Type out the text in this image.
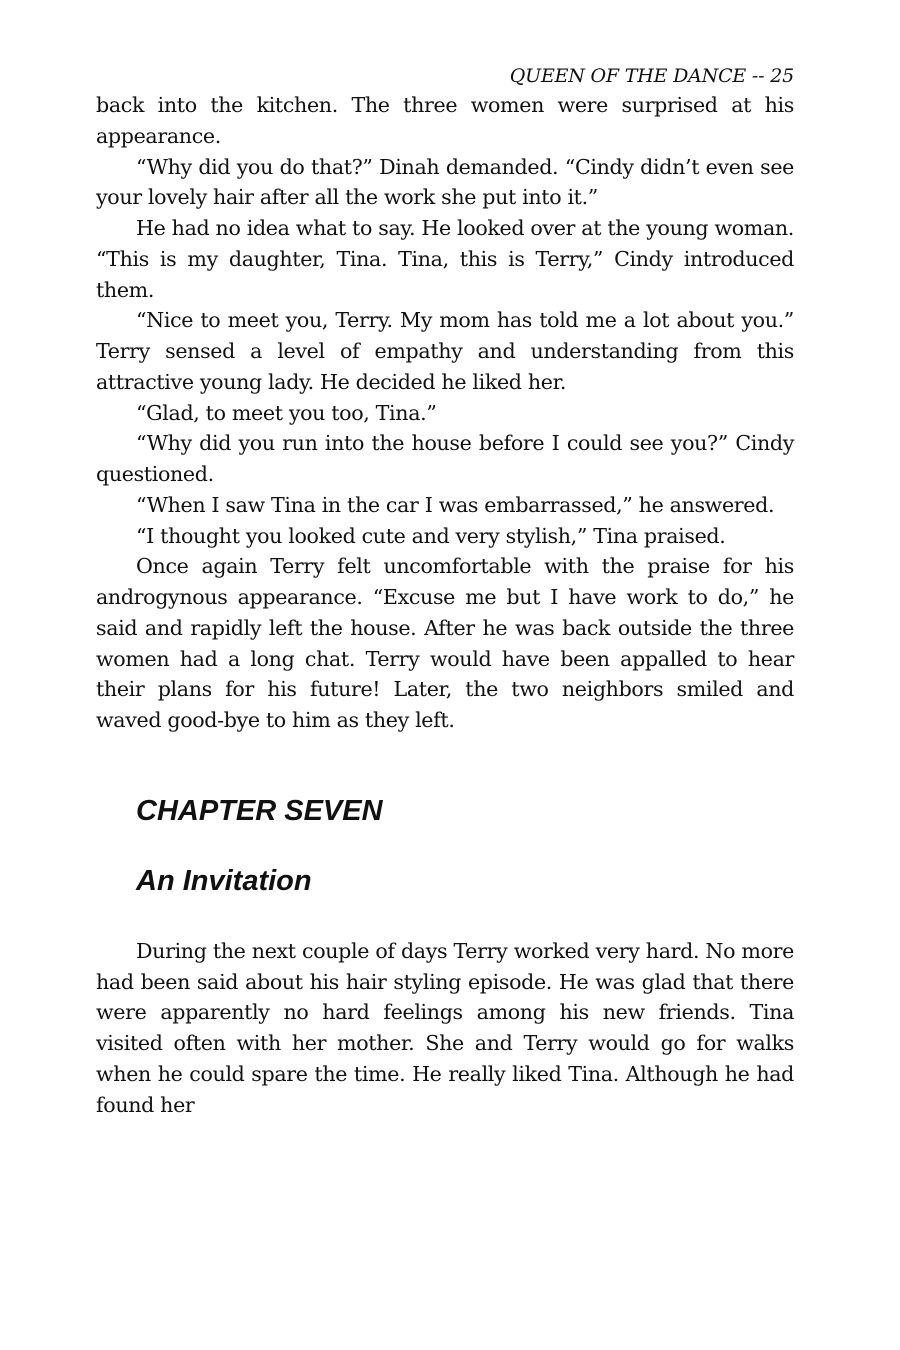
QUEEN OF THE DANCE -- 25

back into the kitchen. The three women were surprised at his appearance.

“Why did you do that?” Dinah demanded. “Cindy didn’t even see your lovely hair after all the work she put into it.”

He had no idea what to say. He looked over at the young woman. “This is my daughter, Tina. Tina, this is Terry,” Cindy introduced them.

“Nice to meet you, Terry. My mom has told me a lot about you.” Terry sensed a level of empathy and understanding from this attractive young lady. He decided he liked her.

“Glad, to meet you too, Tina.”

“Why did you run into the house before I could see you?” Cindy questioned.

“When I saw Tina in the car I was embarrassed,” he answered.

“I thought you looked cute and very stylish,” Tina praised.

Once again Terry felt uncomfortable with the praise for his androgynous appearance. “Excuse me but I have work to do,” he said and rapidly left the house. After he was back outside the three women had a long chat. Terry would have been appalled to hear their plans for his future! Later, the two neighbors smiled and waved good-bye to him as they left.

CHAPTER SEVEN
An Invitation

During the next couple of days Terry worked very hard. No more had been said about his hair styling episode. He was glad that there were apparently no hard feelings among his new friends. Tina visited often with her mother. She and Terry would go for walks when he could spare the time. He really liked Tina. Although he had found her
